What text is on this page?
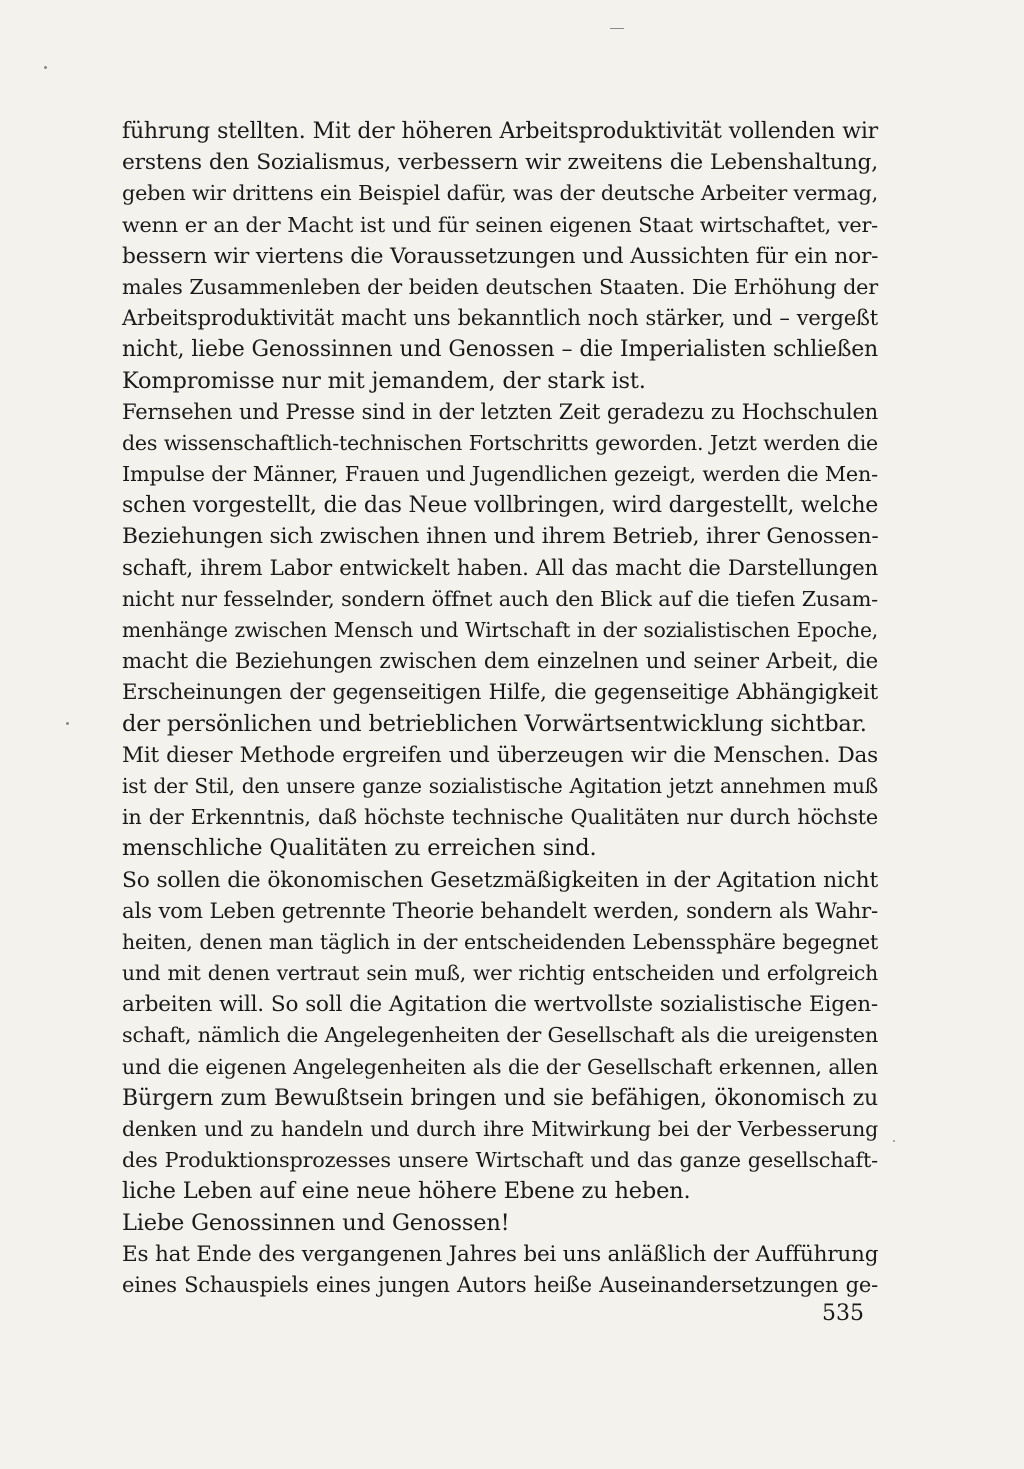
führung stellten. Mit der höheren Arbeitsproduktivität vollenden wir
erstens den Sozialismus, verbessern wir zweitens die Lebenshaltung,
geben wir drittens ein Beispiel dafür, was der deutsche Arbeiter vermag,
wenn er an der Macht ist und für seinen eigenen Staat wirtschaftet, ver-
bessern wir viertens die Voraussetzungen und Aussichten für ein nor-
males Zusammenleben der beiden deutschen Staaten. Die Erhöhung der
Arbeitsproduktivität macht uns bekanntlich noch stärker, und – vergeßt
nicht, liebe Genossinnen und Genossen – die Imperialisten schließen
Kompromisse nur mit jemandem, der stark ist.
Fernsehen und Presse sind in der letzten Zeit geradezu zu Hochschulen
des wissenschaftlich-technischen Fortschritts geworden. Jetzt werden die
Impulse der Männer, Frauen und Jugendlichen gezeigt, werden die Men-
schen vorgestellt, die das Neue vollbringen, wird dargestellt, welche
Beziehungen sich zwischen ihnen und ihrem Betrieb, ihrer Genossen-
schaft, ihrem Labor entwickelt haben. All das macht die Darstellungen
nicht nur fesselnder, sondern öffnet auch den Blick auf die tiefen Zusam-
menhänge zwischen Mensch und Wirtschaft in der sozialistischen Epoche,
macht die Beziehungen zwischen dem einzelnen und seiner Arbeit, die
Erscheinungen der gegenseitigen Hilfe, die gegenseitige Abhängigkeit
der persönlichen und betrieblichen Vorwärtsentwicklung sichtbar.
Mit dieser Methode ergreifen und überzeugen wir die Menschen. Das
ist der Stil, den unsere ganze sozialistische Agitation jetzt annehmen muß
in der Erkenntnis, daß höchste technische Qualitäten nur durch höchste
menschliche Qualitäten zu erreichen sind.
So sollen die ökonomischen Gesetzmäßigkeiten in der Agitation nicht
als vom Leben getrennte Theorie behandelt werden, sondern als Wahr-
heiten, denen man täglich in der entscheidenden Lebenssphäre begegnet
und mit denen vertraut sein muß, wer richtig entscheiden und erfolgreich
arbeiten will. So soll die Agitation die wertvollste sozialistische Eigen-
schaft, nämlich die Angelegenheiten der Gesellschaft als die ureigensten
und die eigenen Angelegenheiten als die der Gesellschaft erkennen, allen
Bürgern zum Bewußtsein bringen und sie befähigen, ökonomisch zu
denken und zu handeln und durch ihre Mitwirkung bei der Verbesserung
des Produktionsprozesses unsere Wirtschaft und das ganze gesellschaft-
liche Leben auf eine neue höhere Ebene zu heben.
Liebe Genossinnen und Genossen!
Es hat Ende des vergangenen Jahres bei uns anläßlich der Aufführung
eines Schauspiels eines jungen Autors heiße Auseinandersetzungen ge-
535
